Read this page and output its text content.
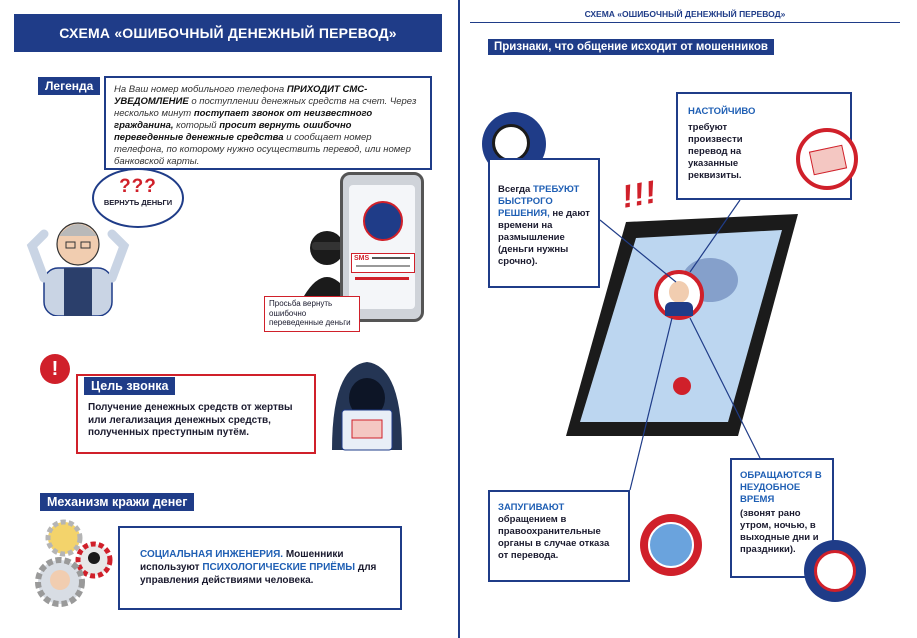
СХЕМА «ОШИБОЧНЫЙ ДЕНЕЖНЫЙ ПЕРЕВОД»
Легенда	На Ваш номер мобильного телефона ПРИХОДИТ СМС-УВЕДОМЛЕНИЕ о поступлении денежных средств на счет. Через несколько минут поступает звонок от неизвестного гражданина, который просит вернуть ошибочно переведенные денежные средства и сообщает номер телефона, по которому нужно осуществить перевод, или номер банковской карты.
???
ВЕРНУТЬ ДЕНЬГИ
SMS
Просьба вернуть ошибочно переведенные деньги
!
Цель звонка
Получение денежных средств от жертвы или легализация денежных средств, полученных преступным путём.
Механизм кражи денег
СОЦИАЛЬНАЯ ИНЖЕНЕРИЯ. Мошенники используют ПСИХОЛОГИЧЕСКИЕ ПРИЁМЫ для управления действиями человека.
СХЕМА «ОШИБОЧНЫЙ ДЕНЕЖНЫЙ ПЕРЕВОД»
Признаки, что общение исходит от мошенников
!!!
Всегда ТРЕБУЮТ БЫСТРОГО РЕШЕНИЯ, не дают времени на размышление (деньги нужны срочно).
НАСТОЙЧИВО
требуют произвести перевод на указанные реквизиты.
ЗАПУГИВАЮТ
обращением в правоохранительные органы в случае отказа от перевода.
ОБРАЩАЮТСЯ В НЕУДОБНОЕ ВРЕМЯ
(звонят рано утром, ночью, в выходные дни и праздники).
